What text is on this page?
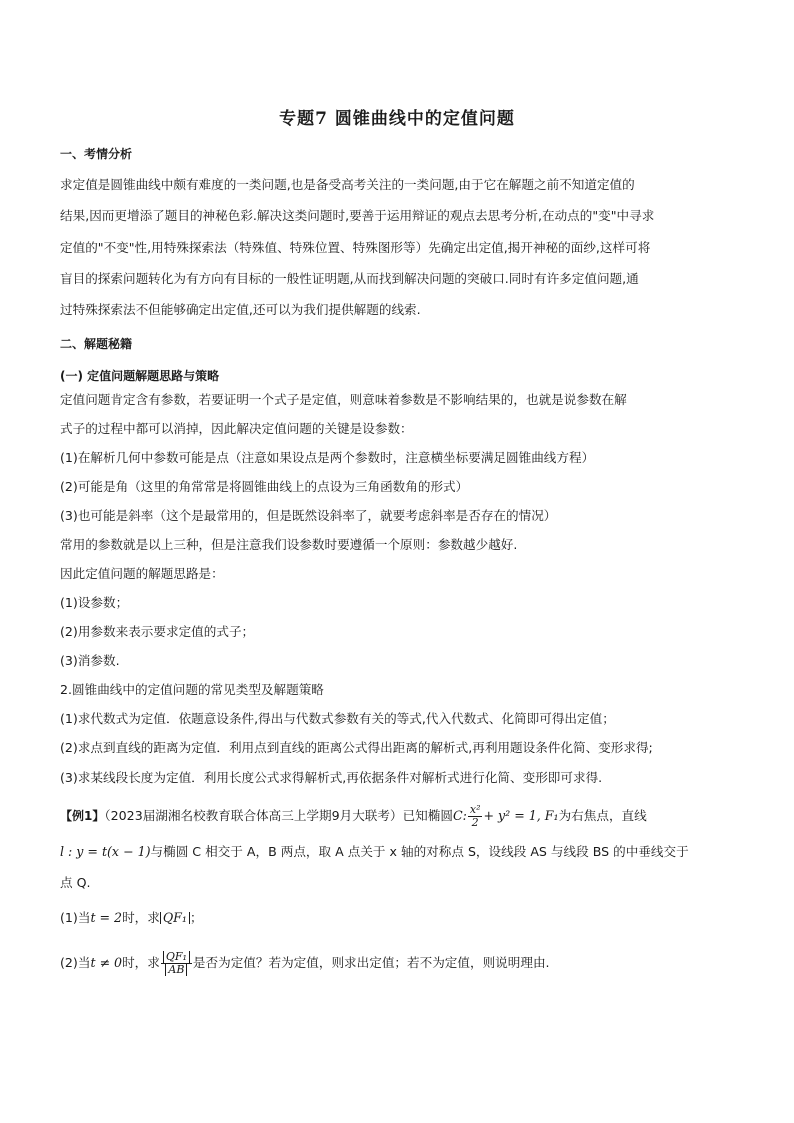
专题7 圆锥曲线中的定值问题
一、考情分析
求定值是圆锥曲线中颇有难度的一类问题,也是备受高考关注的一类问题,由于它在解题之前不知道定值的
结果,因而更增添了题目的神秘色彩.解决这类问题时,要善于运用辩证的观点去思考分析,在动点的"变"中寻求
定值的"不变"性,用特殊探索法（特殊值、特殊位置、特殊图形等）先确定出定值,揭开神秘的面纱,这样可将
盲目的探索问题转化为有方向有目标的一般性证明题,从而找到解决问题的突破口.同时有许多定值问题,通
过特殊探索法不但能够确定出定值,还可以为我们提供解题的线索.
二、解题秘籍
(一) 定值问题解题思路与策略
定值问题肯定含有参数，若要证明一个式子是定值，则意味着参数是不影响结果的，也就是说参数在解
式子的过程中都可以消掉，因此解决定值问题的关键是设参数：
(1)在解析几何中参数可能是点（注意如果设点是两个参数时，注意横坐标要满足圆锥曲线方程）
(2)可能是角（这里的角常常是将圆锥曲线上的点设为三角函数角的形式）
(3)也可能是斜率（这个是最常用的，但是既然设斜率了，就要考虑斜率是否存在的情况）
常用的参数就是以上三种，但是注意我们设参数时要遵循一个原则：参数越少越好.
因此定值问题的解题思路是：
(1)设参数；
(2)用参数来表示要求定值的式子；
(3)消参数.
2.圆锥曲线中的定值问题的常见类型及解题策略
(1)求代数式为定值．依题意设条件,得出与代数式参数有关的等式,代入代数式、化简即可得出定值；
(2)求点到直线的距离为定值．利用点到直线的距离公式得出距离的解析式,再利用题设条件化简、变形求得;
(3)求某线段长度为定值．利用长度公式求得解析式,再依据条件对解析式进行化简、变形即可求得.
【例1】（2023届湖湘名校教育联合体高三上学期9月大联考）已知椭圆C: $\frac{\text{x²}}{2} + y^2 = 1$, F₁为右焦点，直线
l : y = t(x − 1)与椭圆 C 相交于 A，B 两点，取 A 点关于 x 轴的对称点 S，设线段 AS 与线段 BS 的中垂线交于
点 Q.
(1)当t = 2时，求 QF₁ ；
(2)当t ≠ 0时，求 $\frac{\text{QF₁}}{AB}$ 是否为定值？若为定值，则求出定值；若不为定值，则说明理由.
